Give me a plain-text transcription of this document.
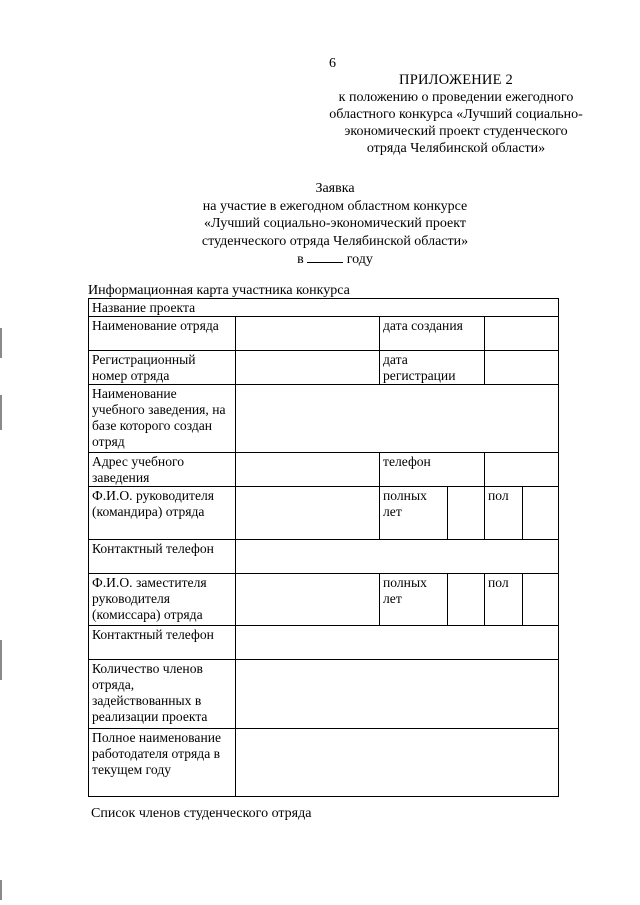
6
ПРИЛОЖЕНИЕ 2
к положению о проведении ежегодного
областного конкурса «Лучший социально-
экономический проект студенческого
отряда Челябинской области»
Заявка
на участие в ежегодном областном конкурсе
«Лучший социально-экономический проект
студенческого отряда Челябинской области»
в	году
Информационная карта участника конкурса
Название проекта					
Наименование отряда		дата создания			
Регистрационный номер отряда		дата регистрации			
Наименование учебного заведения, на базе которого создан отряд					
Адрес учебного заведения		телефон			
Ф.И.О. руководителя (командира) отряда		полных лет		пол	
Контактный телефон					
Ф.И.О. заместителя руководителя (комиссара) отряда		полных лет		пол	
Контактный телефон					
Количество членов отряда, задействованных в реализации проекта					
Полное наименование работодателя отряда в текущем году					
Список членов студенческого отряда
